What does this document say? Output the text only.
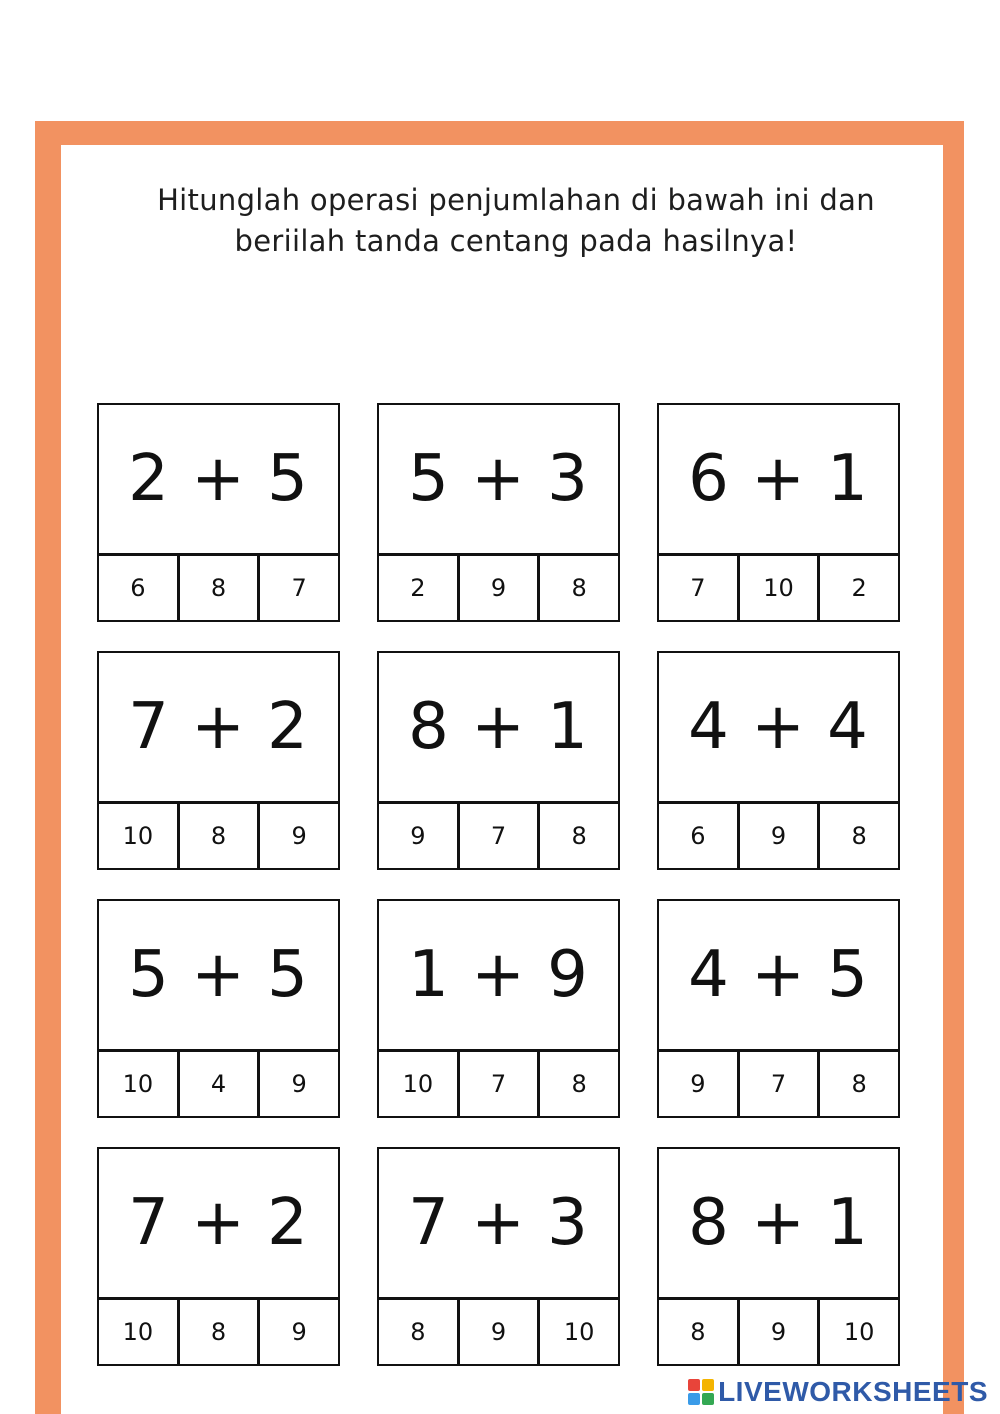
Hitunglah operasi penjumlahan di bawah ini dan
beriilah tanda centang pada hasilnya!
2 + 5
6	8	7
5 + 3
2	9	8
6 + 1
7	10	2
7 + 2
10	8	9
8 + 1
9	7	8
4 + 4
6	9	8
5 + 5
10	4	9
1 + 9
10	7	8
4 + 5
9	7	8
7 + 2
10	8	9
7 + 3
8	9	10
8 + 1
8	9	10
LIVEWORKSHEETS
